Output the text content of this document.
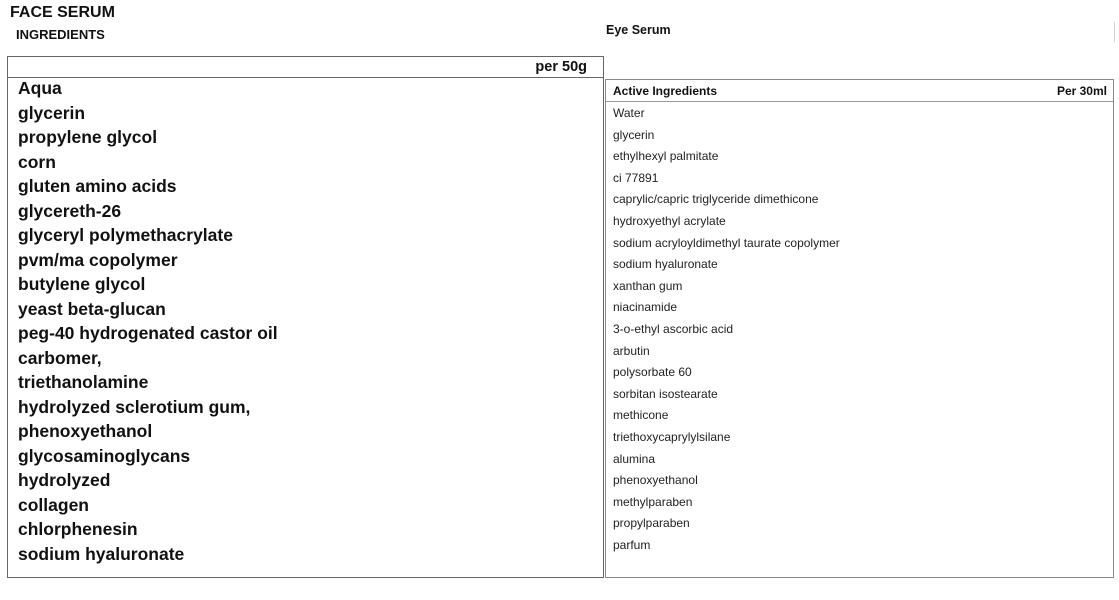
FACE SERUM
INGREDIENTS
per 50g
Aqua
glycerin
propylene glycol
corn
gluten amino acids
glycereth-26
glyceryl polymethacrylate
pvm/ma copolymer
butylene glycol
yeast beta-glucan
peg-40 hydrogenated castor oil
carbomer,
triethanolamine
hydrolyzed sclerotium gum,
phenoxyethanol
glycosaminoglycans
hydrolyzed
collagen
chlorphenesin
sodium hyaluronate
Eye Serum
Active Ingredients	Per 30ml
Water
glycerin
ethylhexyl palmitate
ci 77891
caprylic/capric triglyceride dimethicone
hydroxyethyl acrylate
sodium acryloyldimethyl taurate copolymer
sodium hyaluronate
xanthan gum
niacinamide
3-o-ethyl ascorbic acid
arbutin
polysorbate 60
sorbitan isostearate
methicone
triethoxycaprylylsilane
alumina
phenoxyethanol
methylparaben
propylparaben
parfum
